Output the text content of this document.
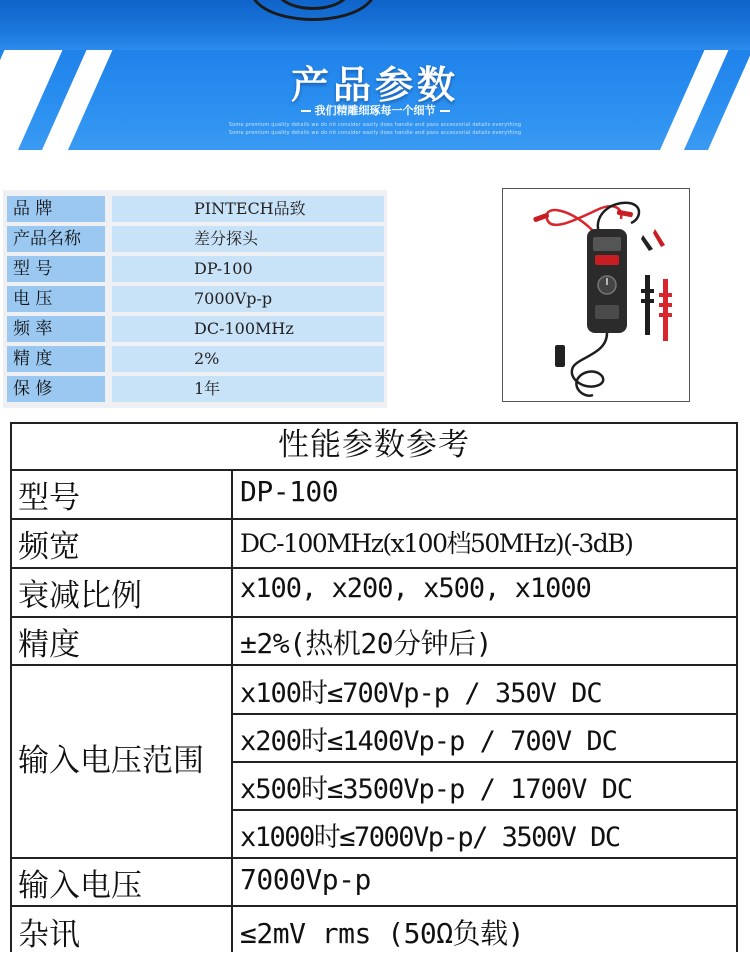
产品参数
我们精雕细琢每一个细节
Some premium quality details we do nit consider easily does handle and pass accessorial details everything
Some premium quality details we do nit consider easily does handle and pass accessorial details everything
品 牌	PINTECH品致
产品名称	差分探头
型 号	DP-100
电 压	7000Vp-p
频 率	DC-100MHz
精 度	2%
保 修	1年
性能参数参考
型号	DP-100
频宽	DC-100MHz(x100档50MHz)(-3dB)
衰减比例	x100, x200, x500, x1000
精度	±2%(热机20分钟后)
输入电压范围
x100时≤700Vp-p / 350V DC
x200时≤1400Vp-p / 700V DC
x500时≤3500Vp-p / 1700V DC
x1000时≤7000Vp-p/ 3500V DC
输入电压	7000Vp-p
杂讯	≤2mV rms (50Ω负载)
